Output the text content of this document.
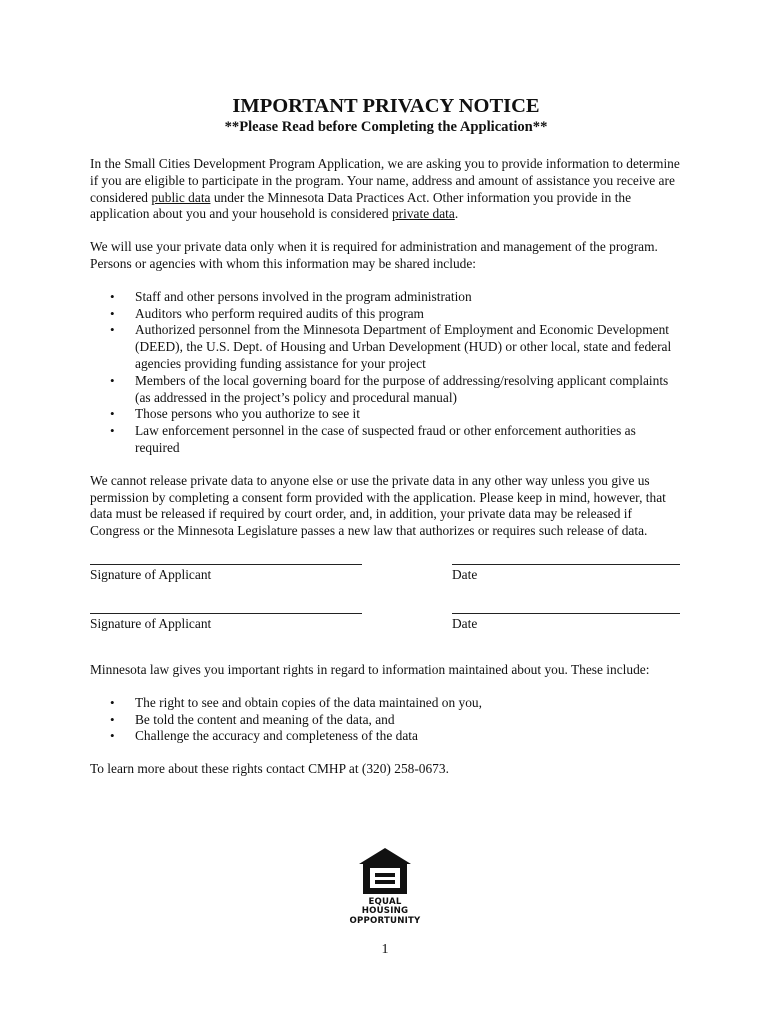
IMPORTANT PRIVACY NOTICE
**Please Read before Completing the Application**

In the Small Cities Development Program Application, we are asking you to provide information to determine if you are eligible to participate in the program. Your name, address and amount of assistance you receive are considered public data under the Minnesota Data Practices Act. Other information you provide in the application about you and your household is considered private data.

We will use your private data only when it is required for administration and management of the program. Persons or agencies with whom this information may be shared include:

• Staff and other persons involved in the program administration
• Auditors who perform required audits of this program
• Authorized personnel from the Minnesota Department of Employment and Economic Development (DEED), the U.S. Dept. of Housing and Urban Development (HUD) or other local, state and federal agencies providing funding assistance for your project
• Members of the local governing board for the purpose of addressing/resolving applicant complaints (as addressed in the project’s policy and procedural manual)
• Those persons who you authorize to see it
• Law enforcement personnel in the case of suspected fraud or other enforcement authorities as required

We cannot release private data to anyone else or use the private data in any other way unless you give us permission by completing a consent form provided with the application. Please keep in mind, however, that data must be released if required by court order, and, in addition, your private data may be released if Congress or the Minnesota Legislature passes a new law that authorizes or requires such release of data.

Signature of Applicant	Date
Signature of Applicant	Date

Minnesota law gives you important rights in regard to information maintained about you. These include:

• The right to see and obtain copies of the data maintained on you,
• Be told the content and meaning of the data, and
• Challenge the accuracy and completeness of the data

To learn more about these rights contact CMHP at (320) 258-0673.

EQUAL HOUSING
OPPORTUNITY
1
